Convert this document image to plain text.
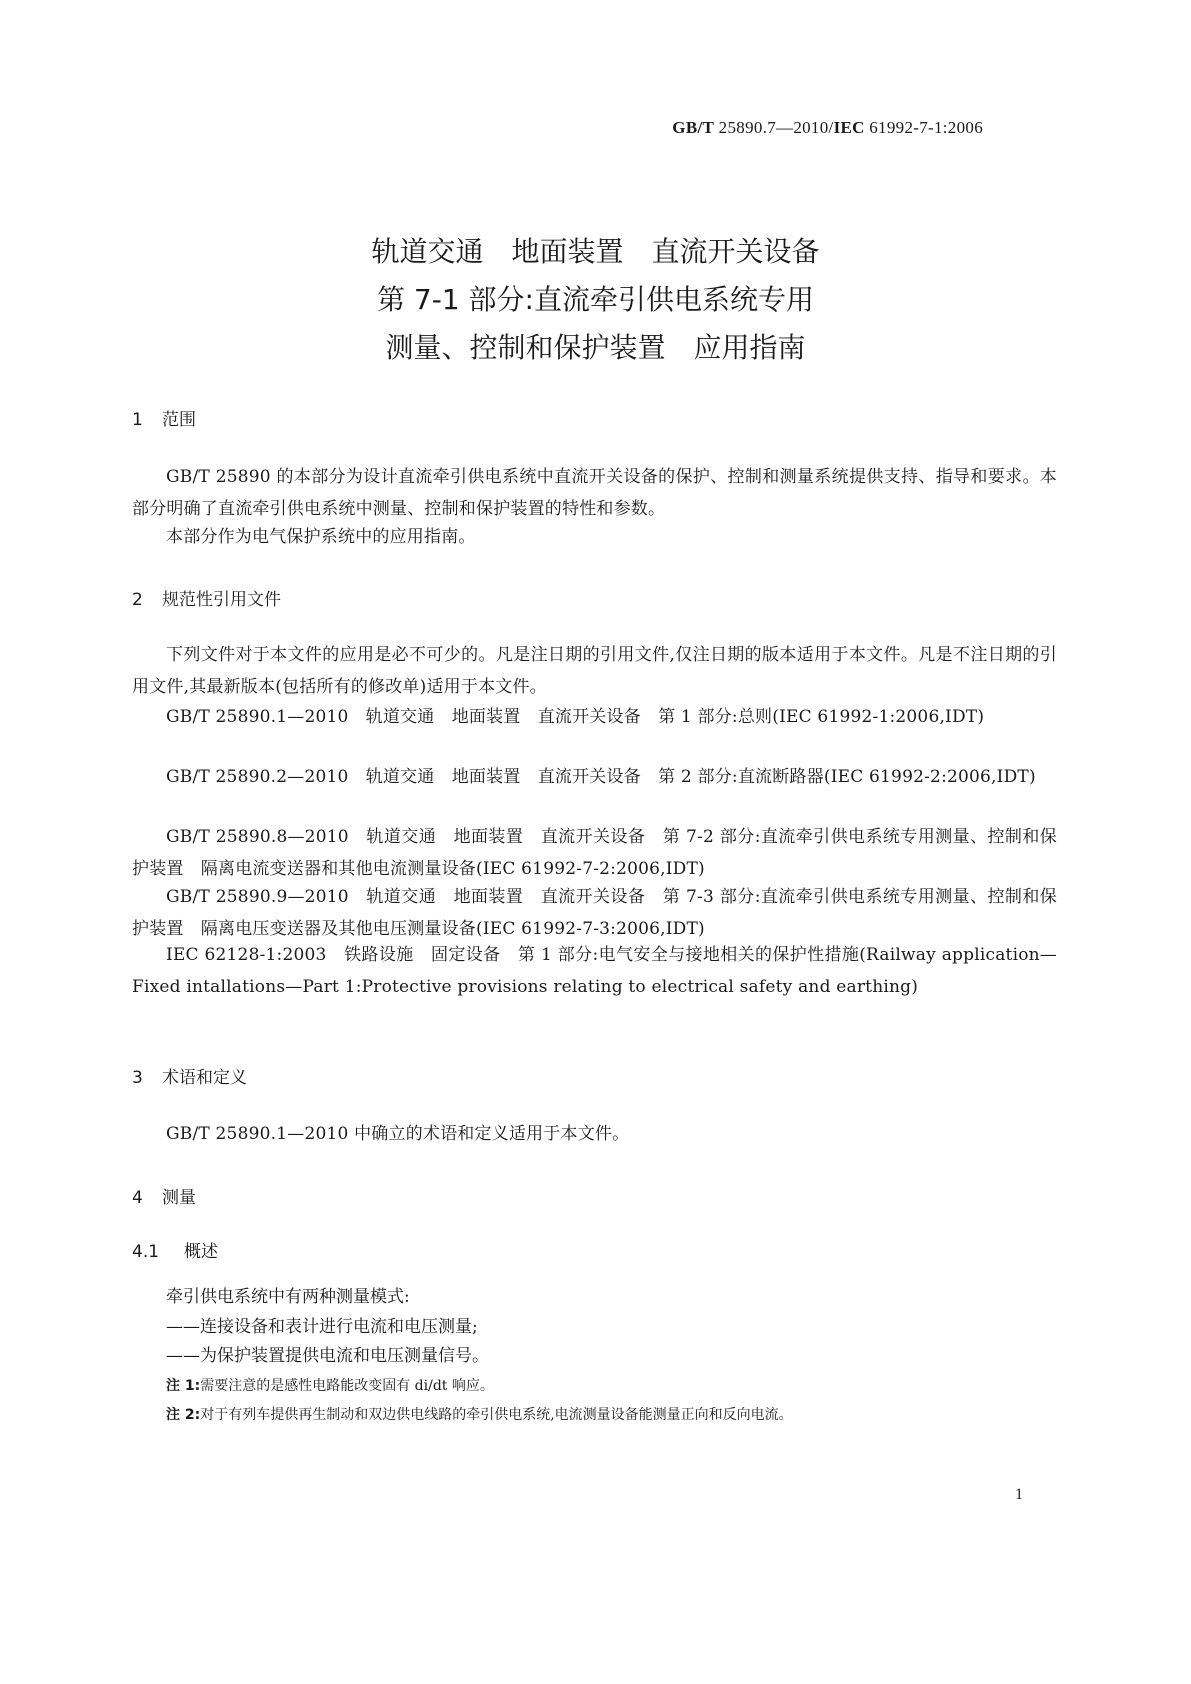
GB/T 25890.7—2010/IEC 61992-7-1:2006
轨道交通　地面装置　直流开关设备
第 7-1 部分:直流牵引供电系统专用
测量、控制和保护装置　应用指南
1 范围
GB/T 25890 的本部分为设计直流牵引供电系统中直流开关设备的保护、控制和测量系统提供支持、指导和要求。本部分明确了直流牵引供电系统中测量、控制和保护装置的特性和参数。
本部分作为电气保护系统中的应用指南。
2 规范性引用文件
下列文件对于本文件的应用是必不可少的。凡是注日期的引用文件,仅注日期的版本适用于本文件。凡是不注日期的引用文件,其最新版本(包括所有的修改单)适用于本文件。
GB/T 25890.1—2010　轨道交通　地面装置　直流开关设备　第 1 部分:总则(IEC 61992-1:2006,IDT)
GB/T 25890.2—2010　轨道交通　地面装置　直流开关设备　第 2 部分:直流断路器(IEC 61992-2:2006,IDT)
GB/T 25890.8—2010　轨道交通　地面装置　直流开关设备　第 7-2 部分:直流牵引供电系统专用测量、控制和保护装置　隔离电流变送器和其他电流测量设备(IEC 61992-7-2:2006,IDT)
GB/T 25890.9—2010　轨道交通　地面装置　直流开关设备　第 7-3 部分:直流牵引供电系统专用测量、控制和保护装置　隔离电压变送器及其他电压测量设备(IEC 61992-7-3:2006,IDT)
IEC 62128-1:2003　铁路设施　固定设备　第 1 部分:电气安全与接地相关的保护性措施(Railway application—Fixed intallations—Part 1:Protective provisions relating to electrical safety and earthing)
3 术语和定义
GB/T 25890.1—2010 中确立的术语和定义适用于本文件。
4 测量
4.1 概述
牵引供电系统中有两种测量模式:
——连接设备和表计进行电流和电压测量;
——为保护装置提供电流和电压测量信号。
注 1:需要注意的是感性电路能改变固有 di/dt 响应。
注 2:对于有列车提供再生制动和双边供电线路的牵引供电系统,电流测量设备能测量正向和反向电流。
1
